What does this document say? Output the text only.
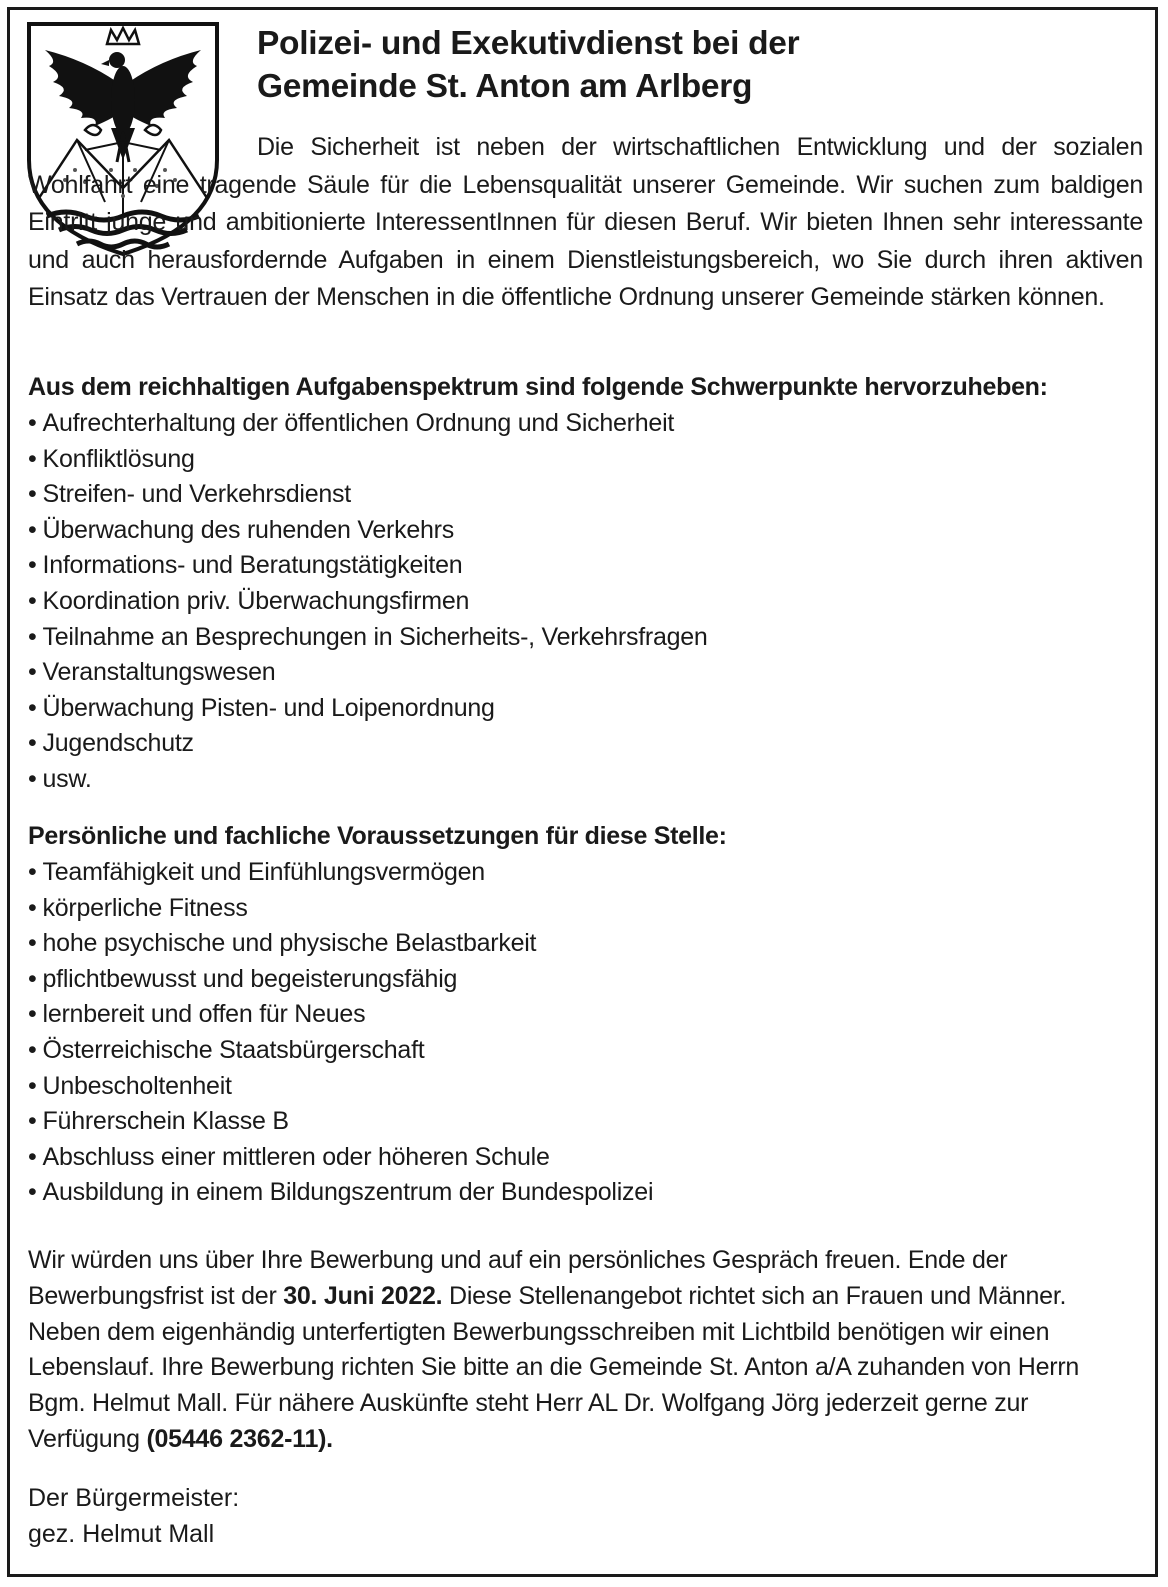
Polizei- und Exekutivdienst bei der
Gemeinde St. Anton am Arlberg

Die Sicherheit ist neben der wirtschaftlichen Entwicklung und der sozialen Wohlfahrt eine tragende Säule für die Lebensqualität unserer Gemeinde. Wir suchen zum baldigen Eintritt junge und ambitionierte InteressentInnen für diesen Beruf. Wir bieten Ihnen sehr interessante und auch herausfordernde Aufgaben in einem Dienstleistungsbereich, wo Sie durch ihren aktiven Einsatz das Vertrauen der Menschen in die öffentliche Ordnung unserer Gemeinde stärken können.

Aus dem reichhaltigen Aufgabenspektrum sind folgende Schwerpunkte hervorzuheben:

• Aufrechterhaltung der öffentlichen Ordnung und Sicherheit
• Konfliktlösung
• Streifen- und Verkehrsdienst
• Überwachung des ruhenden Verkehrs
• Informations- und Beratungstätigkeiten
• Koordination priv. Überwachungsfirmen
• Teilnahme an Besprechungen in Sicherheits-, Verkehrsfragen
• Veranstaltungswesen
• Überwachung Pisten- und Loipenordnung
• Jugendschutz
• usw.

Persönliche und fachliche Voraussetzungen für diese Stelle:

• Teamfähigkeit und Einfühlungsvermögen
• körperliche Fitness
• hohe psychische und physische Belastbarkeit
• pflichtbewusst und begeisterungsfähig
• lernbereit und offen für Neues
• Österreichische Staatsbürgerschaft
• Unbescholtenheit
• Führerschein Klasse B
• Abschluss einer mittleren oder höheren Schule
• Ausbildung in einem Bildungszentrum der Bundespolizei

Wir würden uns über Ihre Bewerbung und auf ein persönliches Gespräch freuen. Ende der Bewerbungsfrist ist der 30. Juni 2022. Diese Stellenangebot richtet sich an Frauen und Männer. Neben dem eigenhändig unterfertigten Bewerbungsschreiben mit Lichtbild benötigen wir einen Lebenslauf. Ihre Bewerbung richten Sie bitte an die Gemeinde St. Anton a/A zuhanden von Herrn Bgm. Helmut Mall. Für nähere Auskünfte steht Herr AL Dr. Wolfgang Jörg jederzeit gerne zur Verfügung (05446 2362-11).

Der Bürgermeister:
gez. Helmut Mall
